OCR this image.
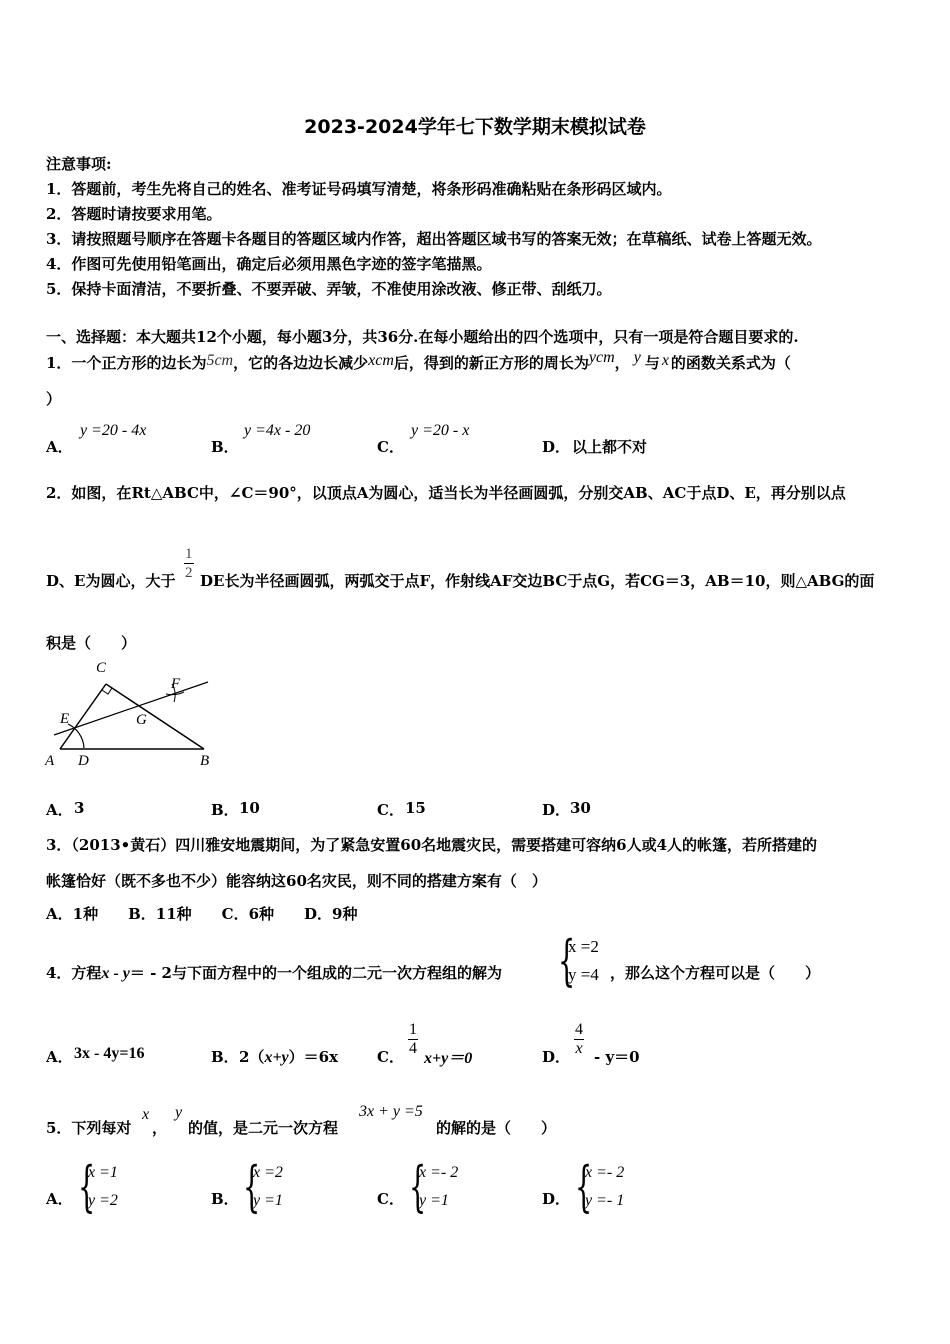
2023-2024学年七下数学期末模拟试卷
注意事项:
1．答题前，考生先将自己的姓名、准考证号码填写清楚，将条形码准确粘贴在条形码区域内。
2．答题时请按要求用笔。
3．请按照题号顺序在答题卡各题目的答题区域内作答，超出答题区域书写的答案无效；在草稿纸、试卷上答题无效。
4．作图可先使用铅笔画出，确定后必须用黑色字迹的签字笔描黑。
5．保持卡面清洁，不要折叠、不要弄破、弄皱，不准使用涂改液、修正带、刮纸刀。
一、选择题：本大题共12个小题，每小题3分，共36分.在每小题给出的四个选项中，只有一项是符合题目要求的.
1．一个正方形的边长为5cm，它的各边边长减少xcm后，得到的新正方形的周长为ycm， y 与 x 的函数关系式为（
）
A．
y =20 - 4x
B．
y =4x - 20
C．
y =20 - x
D． 以上都不对
2．如图，在Rt△ABC中，∠C＝90°，以顶点A为圆心，适当长为半径画圆弧，分别交AB、AC于点D、E，再分别以点
D、E为圆心，大于 $\frac{1}{2}$ DE长为半径画圆弧，两弧交于点F，作射线AF交边BC于点G，若CG＝3，AB＝10，则△ABG的面
积是（　　）
C
F
E	G
A D	B
A． 3	B． 10	C． 15	D． 30
3．（2013•黄石）四川雅安地震期间，为了紧急安置60名地震灾民，需要搭建可容纳6人或4人的帐篷，若所搭建的
帐篷恰好（既不多也不少）能容纳这60名灾民，则不同的搭建方案有（　）
A．1种　　B．11种　　C．6种　　D．9种
4．方程x - y＝ - 2与下面方程中的一个组成的二元一次方程组的解为 {
x =2
y =4 ，那么这个方程可以是（　　）
A． 3x - 4y=16	B． 2（x+y）＝6x	C． $\frac{1}{4}$
x+y＝0	D． $\frac{4}{x} - y=0$
5．下列每对
x
，
y
的值，是二元一次方程
3x + y =5
的解的是（　　）
A． {
x =1
y =2	B． {
x =2
y =1	C． {
x =- 2
y =1	D． {
x =- 2
y =- 1
